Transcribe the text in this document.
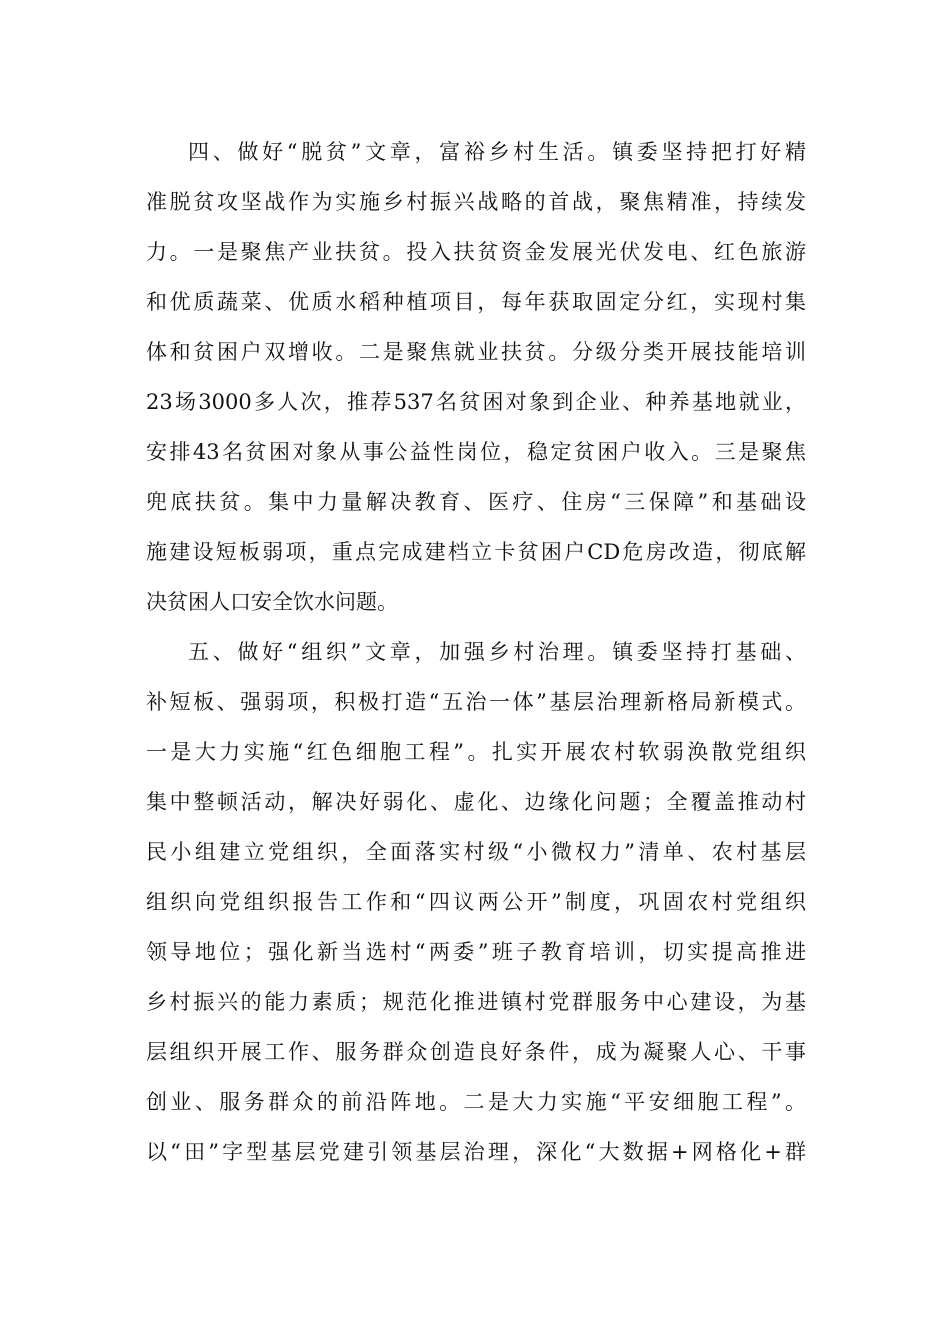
四、做好“脱贫”文章，富裕乡村生活。镇委坚持把打好精
准脱贫攻坚战作为实施乡村振兴战略的首战，聚焦精准，持续发
力。一是聚焦产业扶贫。投入扶贫资金发展光伏发电、红色旅游
和优质蔬菜、优质水稻种植项目，每年获取固定分红，实现村集
体和贫困户双增收。二是聚焦就业扶贫。分级分类开展技能培训
23场3000多人次，推荐537名贫困对象到企业、种养基地就业，
安排43名贫困对象从事公益性岗位，稳定贫困户收入。三是聚焦
兜底扶贫。集中力量解决教育、医疗、住房“三保障”和基础设
施建设短板弱项，重点完成建档立卡贫困户CD危房改造，彻底解
决贫困人口安全饮水问题。
五、做好“组织”文章，加强乡村治理。镇委坚持打基础、
补短板、强弱项，积极打造“五治一体”基层治理新格局新模式。
一是大力实施“红色细胞工程”。扎实开展农村软弱涣散党组织
集中整顿活动，解决好弱化、虚化、边缘化问题；全覆盖推动村
民小组建立党组织，全面落实村级“小微权力”清单、农村基层
组织向党组织报告工作和“四议两公开”制度，巩固农村党组织
领导地位；强化新当选村“两委”班子教育培训，切实提高推进
乡村振兴的能力素质；规范化推进镇村党群服务中心建设，为基
层组织开展工作、服务群众创造良好条件，成为凝聚人心、干事
创业、服务群众的前沿阵地。二是大力实施“平安细胞工程”。
以“田”字型基层党建引领基层治理，深化“大数据+网格化+群
